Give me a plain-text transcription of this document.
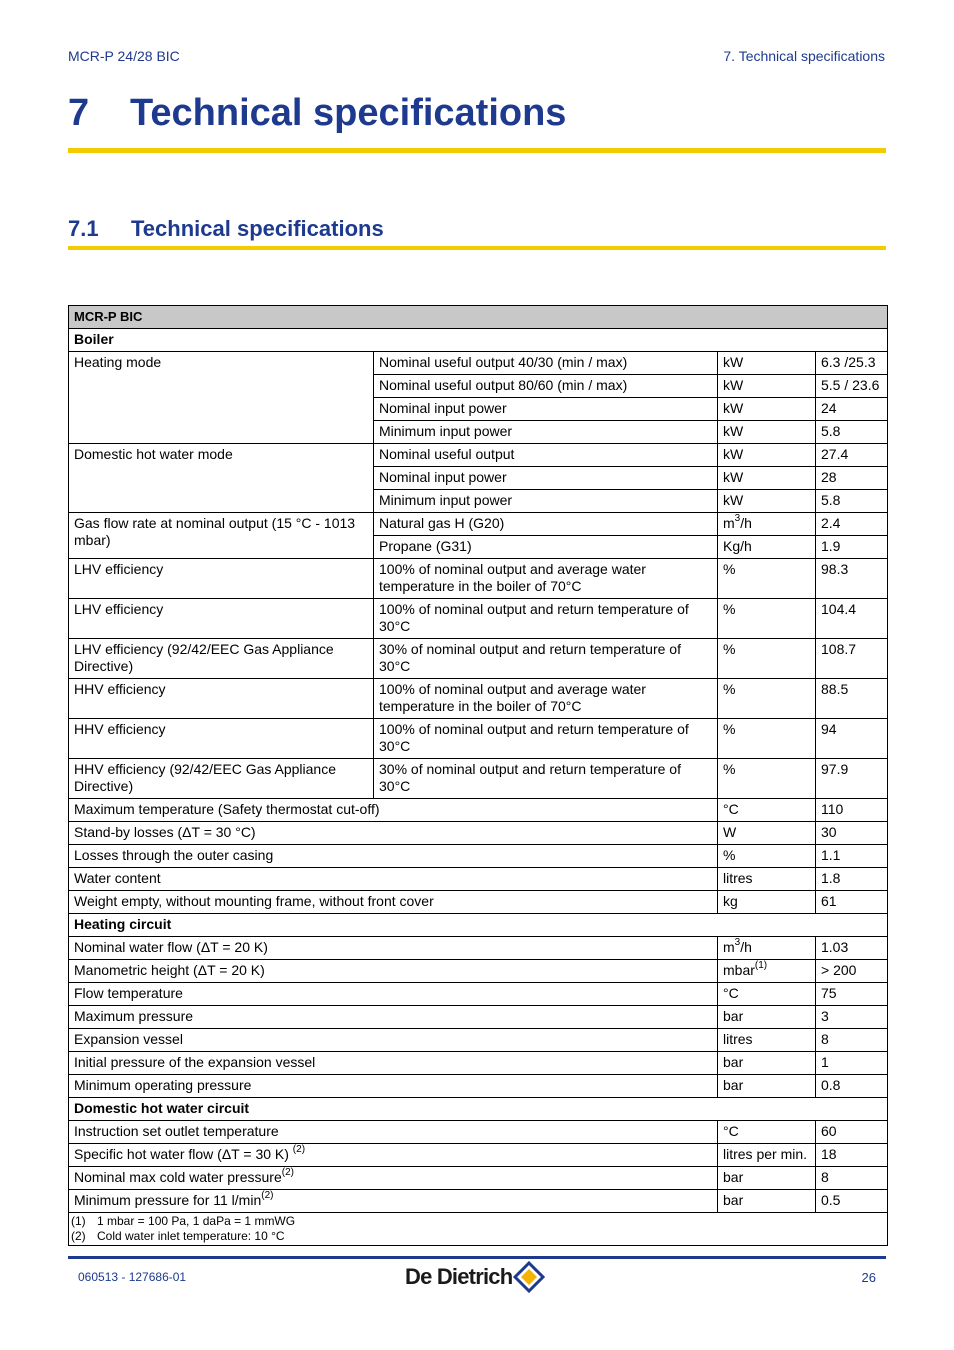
MCR-P 24/28 BIC	7. Technical specifications
7 Technical specifications
7.1 Technical specifications
MCR-P BIC			
Boiler			
Heating mode	Nominal useful output 40/30 (min / max)	kW	6.3 /25.3
	Nominal useful output 80/60 (min / max)	kW	5.5 / 23.6
	Nominal input power	kW	24
	Minimum input power	kW	5.8
Domestic hot water mode	Nominal useful output	kW	27.4
	Nominal input power	kW	28
	Minimum input power	kW	5.8
Gas flow rate at nominal output (15 °C - 1013 mbar)	Natural gas H (G20)	$m^3/h$	2.4
	Propane (G31)	Kg/h	1.9
LHV efficiency	100% of nominal output and average water temperature in the boiler of 70°C	%	98.3
LHV efficiency	100% of nominal output and return temperature of 30°C	%	104.4
LHV efficiency (92/42/EEC Gas Appliance Directive)	30% of nominal output and return temperature of 30°C	%	108.7
HHV efficiency	100% of nominal output and average water temperature in the boiler of 70°C	%	88.5
HHV efficiency	100% of nominal output and return temperature of 30°C	%	94
HHV efficiency (92/42/EEC Gas Appliance Directive)	30% of nominal output and return temperature of 30°C	%	97.9
Maximum temperature (Safety thermostat cut-off)		°C	110
Stand-by losses (ΔT = 30 °C)		W	30
Losses through the outer casing		%	1.1
Water content		litres	1.8
Weight empty, without mounting frame, without front cover		kg	61
Heating circuit			
Nominal water flow (ΔT = 20 K)		$m^3/h$	1.03
Manometric height (ΔT = 20 K)		mbar$^{(1)}$	> 200
Flow temperature		°C	75
Maximum pressure		bar	3
Expansion vessel		litres	8
Initial pressure of the expansion vessel		bar	1
Minimum operating pressure		bar	0.8
Domestic hot water circuit			
Instruction set outlet temperature		°C	60
Specific hot water flow (ΔT = 30 K) $^{(2)}$		litres per min.	18
Nominal max cold water pressure$^{(2)}$		bar	8
Minimum pressure for 11 $l/\min^{(2)}$		bar	0.5

(1) 1 mbar = 100 Pa, 1 daPa = 1 mmWG
(2) Cold water inlet temperature: 10 °C			
060513 - 127686-01	De Dietrich	26
